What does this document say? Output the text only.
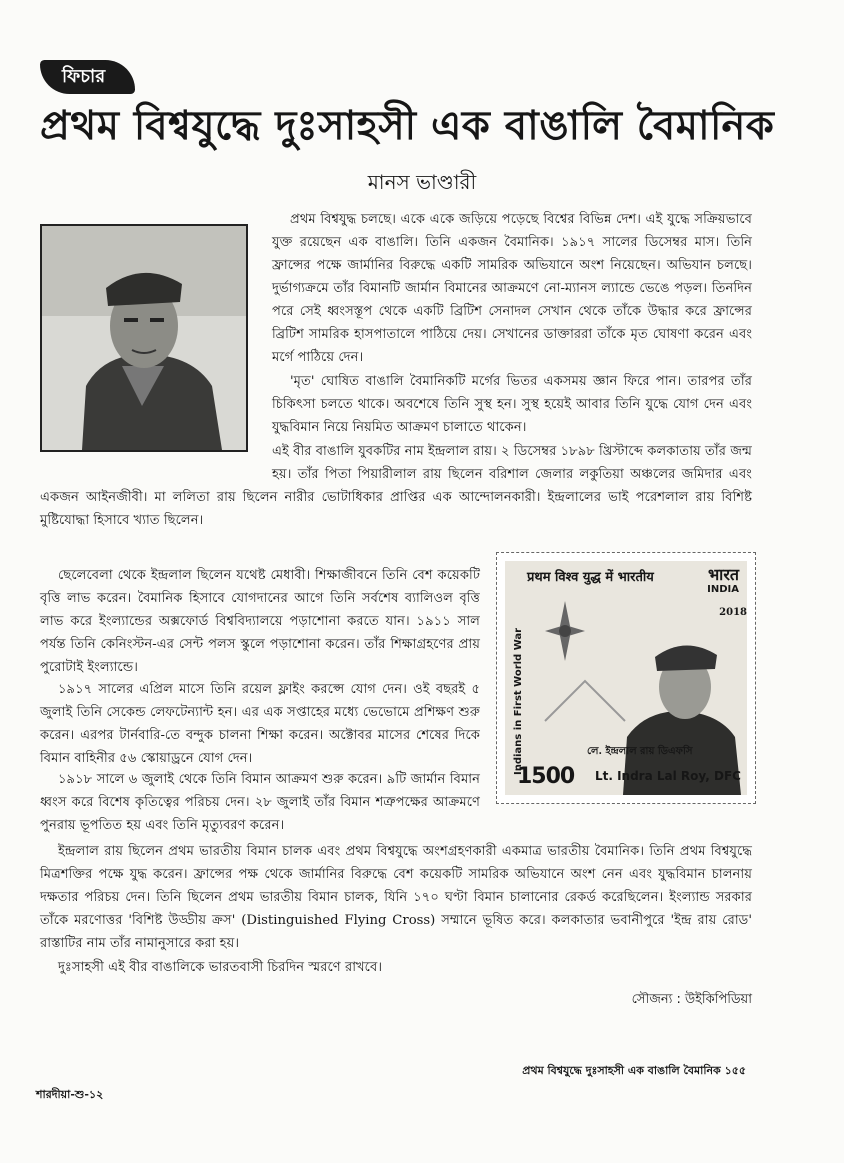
ফিচার
প্রথম বিশ্বযুদ্ধে দুঃসাহসী এক বাঙালি বৈমানিক
মানস ভাণ্ডারী

প্রথম বিশ্বযুদ্ধ চলছে। একে একে জড়িয়ে পড়েছে বিশ্বের বিভিন্ন দেশ। এই যুদ্ধে সক্রিয়ভাবে যুক্ত রয়েছেন এক বাঙালি। তিনি একজন বৈমানিক। ১৯১৭ সালের ডিসেম্বর মাস। তিনি ফ্রান্সের পক্ষে জার্মানির বিরুদ্ধে একটি সামরিক অভিযানে অংশ নিয়েছেন। অভিযান চলছে। দুর্ভাগ্যক্রমে তাঁর বিমানটি জার্মান বিমানের আক্রমণে নো-ম্যানস ল্যান্ডে ভেঙে পড়ল। তিনদিন পরে সেই ধ্বংসস্তূপ থেকে একটি ব্রিটিশ সেনাদল সেখান থেকে তাঁকে উদ্ধার করে ফ্রান্সের ব্রিটিশ সামরিক হাসপাতালে পাঠিয়ে দেয়। সেখানের ডাক্তাররা তাঁকে মৃত ঘোষণা করেন এবং মর্গে পাঠিয়ে দেন।

'মৃত' ঘোষিত বাঙালি বৈমানিকটি মর্গের ভিতর একসময় জ্ঞান ফিরে পান। তারপর তাঁর চিকিৎসা চলতে থাকে। অবশেষে তিনি সুস্থ হন। সুস্থ হয়েই আবার তিনি যুদ্ধে যোগ দেন এবং যুদ্ধবিমান নিয়ে নিয়মিত আক্রমণ চালাতে থাকেন।

এই বীর বাঙালি যুবকটির নাম ইন্দ্রলাল রায়। ২ ডিসেম্বর ১৮৯৮ খ্রিস্টাব্দে কলকাতায় তাঁর জন্ম হয়। তাঁর পিতা পিয়ারীলাল রায় ছিলেন বরিশাল জেলার লকুতিয়া অঞ্চলের জমিদার এবং একজন আইনজীবী। মা ললিতা রায় ছিলেন নারীর ভোটাধিকার প্রাপ্তির এক আন্দোলনকারী। ইন্দ্রলালের ভাই পরেশলাল রায় বিশিষ্ট মুষ্টিযোদ্ধা হিসাবে খ্যাত ছিলেন।

ছেলেবেলা থেকে ইন্দ্রলাল ছিলেন যথেষ্ট মেধাবী। শিক্ষাজীবনে তিনি বেশ কয়েকটি বৃত্তি লাভ করেন। বৈমানিক হিসাবে যোগদানের আগে তিনি সর্বশেষ ব্যালিওল বৃত্তি লাভ করে ইংল্যান্ডের অক্সফোর্ড বিশ্ববিদ্যালয়ে পড়াশোনা করতে যান। ১৯১১ সাল পর্যন্ত তিনি কেনিংস্টন-এর সেন্ট পলস স্কুলে পড়াশোনা করেন। তাঁর শিক্ষাগ্রহণের প্রায় পুরোটাই ইংল্যান্ডে।

১৯১৭ সালের এপ্রিল মাসে তিনি রয়েল ফ্লাইং করপ্সে যোগ দেন। ওই বছরই ৫ জুলাই তিনি সেকেন্ড লেফটেন্যান্ট হন। এর এক সপ্তাহের মধ্যে ভেভোমে প্রশিক্ষণ শুরু করেন। এরপর টার্নবারি-তে বন্দুক চালনা শিক্ষা করেন। অক্টোবর মাসের শেষের দিকে বিমান বাহিনীর ৫৬ স্কোয়াড্রনে যোগ দেন।

১৯১৮ সালে ৬ জুলাই থেকে তিনি বিমান আক্রমণ শুরু করেন। ৯টি জার্মান বিমান ধ্বংস করে বিশেষ কৃতিত্বের পরিচয় দেন। ২৮ জুলাই তাঁর বিমান শত্রুপক্ষের আক্রমণে পুনরায় ভূপতিত হয় এবং তিনি মৃত্যুবরণ করেন।

ইন্দ্রলাল রায় ছিলেন প্রথম ভারতীয় বিমান চালক এবং প্রথম বিশ্বযুদ্ধে অংশগ্রহণকারী একমাত্র ভারতীয় বৈমানিক। তিনি প্রথম বিশ্বযুদ্ধে মিত্রশক্তির পক্ষে যুদ্ধ করেন। ফ্রান্সের পক্ষ থেকে জার্মানির বিরুদ্ধে বেশ কয়েকটি সামরিক অভিযানে অংশ নেন এবং যুদ্ধবিমান চালনায় দক্ষতার পরিচয় দেন। তিনি ছিলেন প্রথম ভারতীয় বিমান চালক, যিনি ১৭০ ঘণ্টা বিমান চালানোর রেকর্ড করেছিলেন। ইংল্যান্ড সরকার তাঁকে মরণোত্তর 'বিশিষ্ট উড্ডীয় ক্রস' (Distinguished Flying Cross) সম্মানে ভূষিত করে। কলকাতার ভবানীপুরে 'ইন্দ্র রায় রোড' রাস্তাটির নাম তাঁর নামানুসারে করা হয়।

দুঃসাহসী এই বীর বাঙালিকে ভারতবাসী চিরদিন স্মরণে রাখবে।

प्रथम विश्व युद्ध में भारतीय	भारत
INDIA
2018
Indians in First World War	লে. ইন্দ্রলাল রায় ডিএফসি
1500 Lt. Indra Lal Roy, DFC
সৌজন্য : উইকিপিডিয়া
প্রথম বিশ্বযুদ্ধে দুঃসাহসী এক বাঙালি বৈমানিক ১৫৫
শারদীয়া-শু-১২
